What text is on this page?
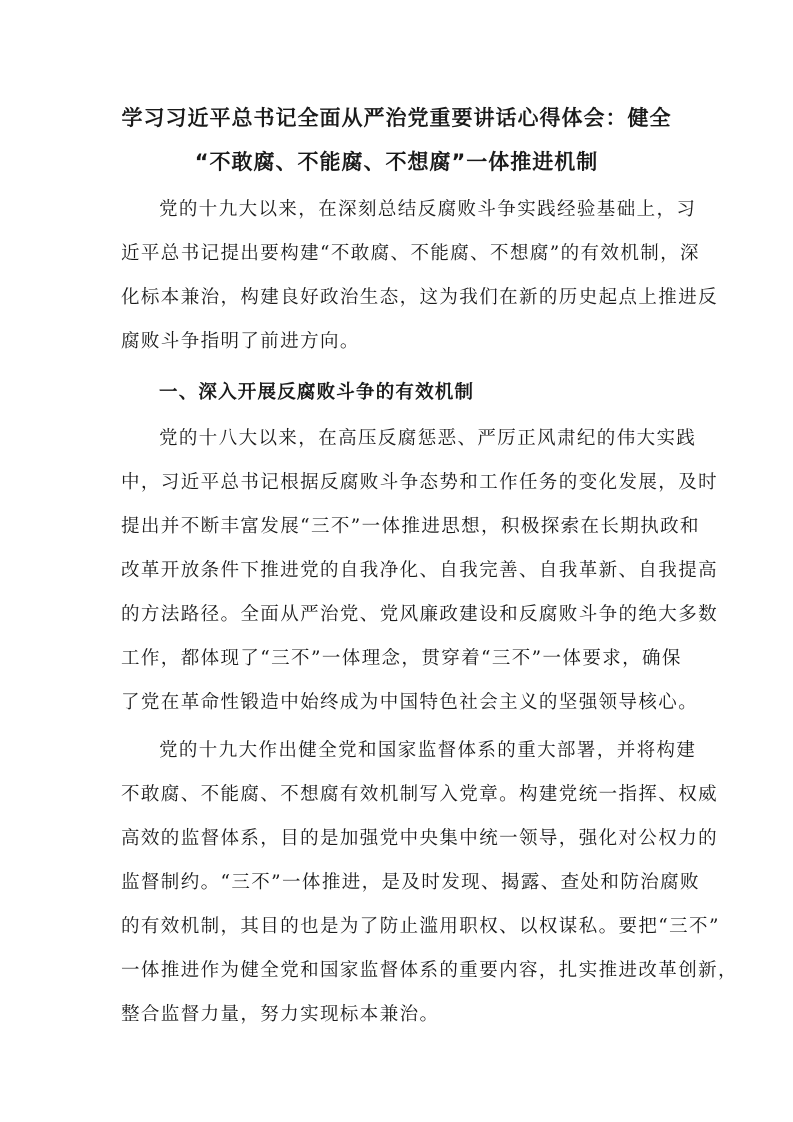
学习习近平总书记全面从严治党重要讲话心得体会：健全
“不敢腐、不能腐、不想腐”一体推进机制
党的十九大以来，在深刻总结反腐败斗争实践经验基础上，习
近平总书记提出要构建“不敢腐、不能腐、不想腐”的有效机制，深
化标本兼治，构建良好政治生态，这为我们在新的历史起点上推进反
腐败斗争指明了前进方向。
一、深入开展反腐败斗争的有效机制
党的十八大以来，在高压反腐惩恶、严厉正风肃纪的伟大实践
中，习近平总书记根据反腐败斗争态势和工作任务的变化发展，及时
提出并不断丰富发展“三不”一体推进思想，积极探索在长期执政和
改革开放条件下推进党的自我净化、自我完善、自我革新、自我提高
的方法路径。全面从严治党、党风廉政建设和反腐败斗争的绝大多数
工作，都体现了“三不”一体理念，贯穿着“三不”一体要求，确保
了党在革命性锻造中始终成为中国特色社会主义的坚强领导核心。
党的十九大作出健全党和国家监督体系的重大部署，并将构建
不敢腐、不能腐、不想腐有效机制写入党章。构建党统一指挥、权威
高效的监督体系，目的是加强党中央集中统一领导，强化对公权力的
监督制约。“三不”一体推进，是及时发现、揭露、查处和防治腐败
的有效机制，其目的也是为了防止滥用职权、以权谋私。要把“三不”
一体推进作为健全党和国家监督体系的重要内容，扎实推进改革创新，
整合监督力量，努力实现标本兼治。
